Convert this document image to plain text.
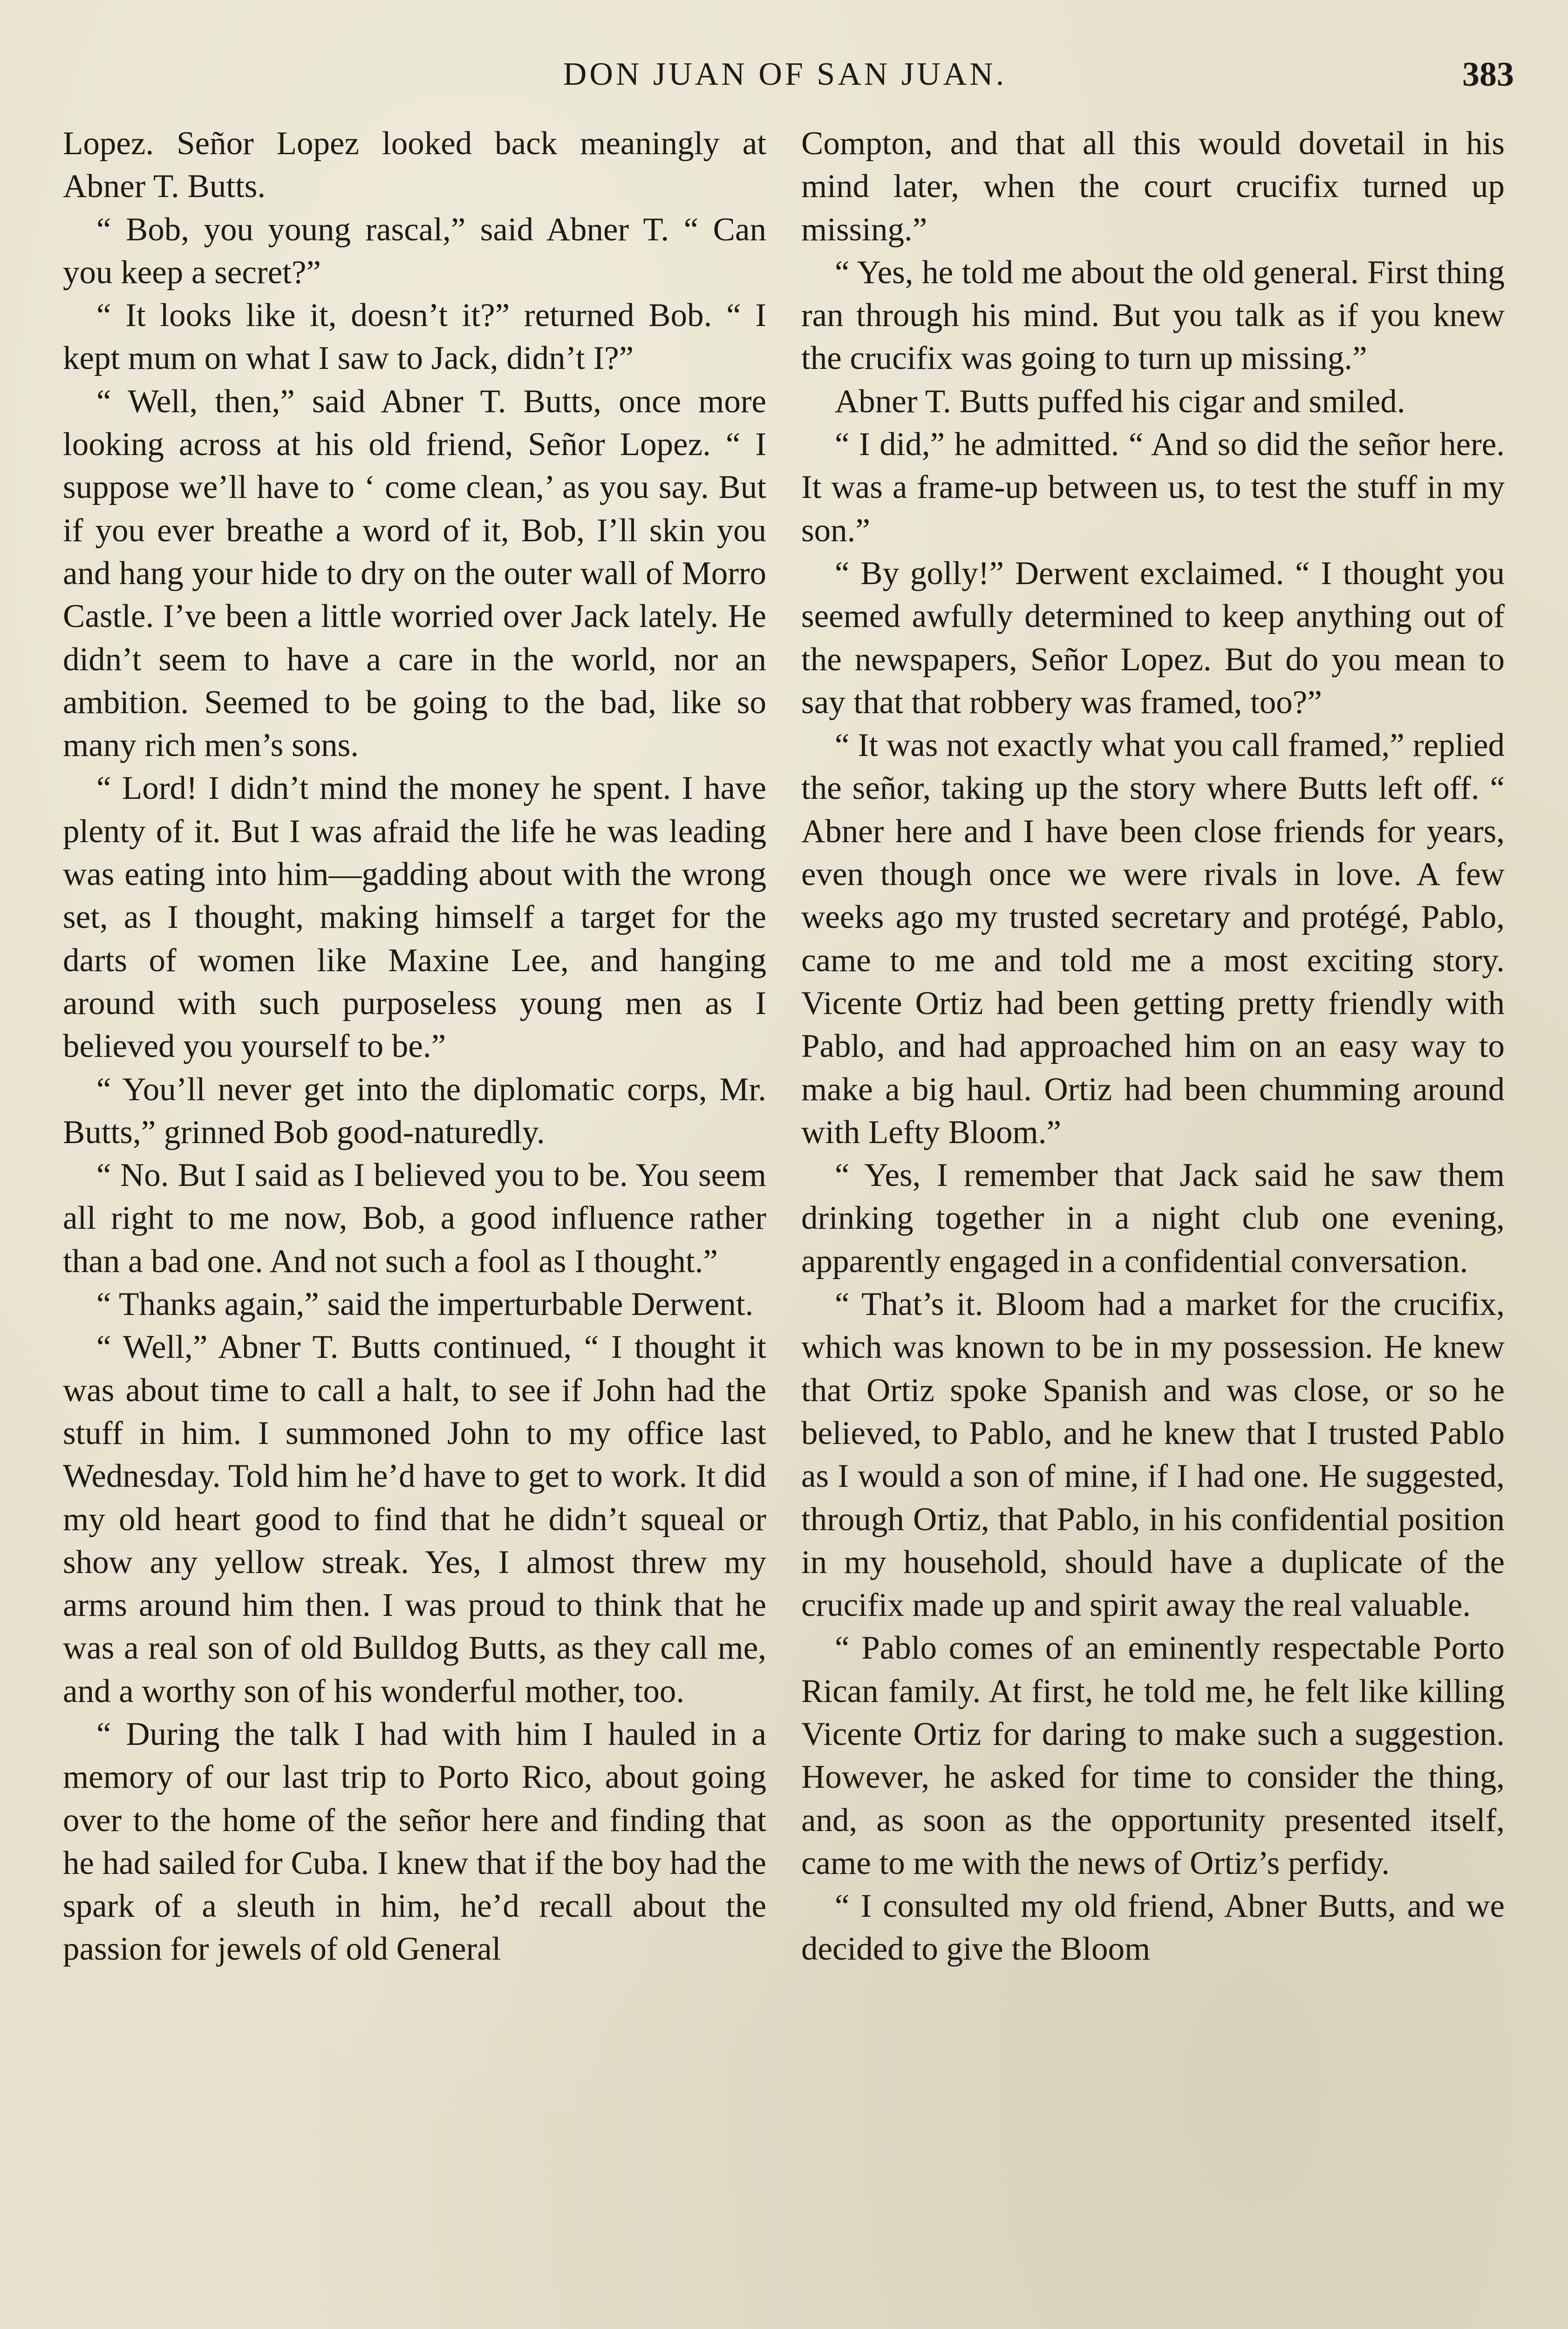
DON JUAN OF SAN JUAN.	383

Lopez. Señor Lopez looked back meaningly at Abner T. Butts.

“ Bob, you young rascal,” said Abner T. “ Can you keep a secret?”

“ It looks like it, doesn’t it?” returned Bob. “ I kept mum on what I saw to Jack, didn’t I?”

“ Well, then,” said Abner T. Butts, once more looking across at his old friend, Señor Lopez. “ I suppose we’ll have to ‘ come clean,’ as you say. But if you ever breathe a word of it, Bob, I’ll skin you and hang your hide to dry on the outer wall of Morro Castle. I’ve been a little worried over Jack lately. He didn’t seem to have a care in the world, nor an ambition. Seemed to be going to the bad, like so many rich men’s sons.

“ Lord! I didn’t mind the money he spent. I have plenty of it. But I was afraid the life he was leading was eating into him—gadding about with the wrong set, as I thought, making himself a target for the darts of women like Maxine Lee, and hanging around with such purposeless young men as I believed you yourself to be.”

“ You’ll never get into the diplomatic corps, Mr. Butts,” grinned Bob good-naturedly.

“ No. But I said as I believed you to be. You seem all right to me now, Bob, a good influence rather than a bad one. And not such a fool as I thought.”

“ Thanks again,” said the imperturbable Derwent.

“ Well,” Abner T. Butts continued, “ I thought it was about time to call a halt, to see if John had the stuff in him. I summoned John to my office last Wednesday. Told him he’d have to get to work. It did my old heart good to find that he didn’t squeal or show any yellow streak. Yes, I almost threw my arms around him then. I was proud to think that he was a real son of old Bulldog Butts, as they call me, and a worthy son of his wonderful mother, too.

“ During the talk I had with him I hauled in a memory of our last trip to Porto Rico, about going over to the home of the señor here and finding that he had sailed for Cuba. I knew that if the boy had the spark of a sleuth in him, he’d recall about the passion for jewels of old General

Compton, and that all this would dovetail in his mind later, when the court crucifix turned up missing.”

“ Yes, he told me about the old general. First thing ran through his mind. But you talk as if you knew the crucifix was going to turn up missing.”

Abner T. Butts puffed his cigar and smiled.

“ I did,” he admitted. “ And so did the señor here. It was a frame-up between us, to test the stuff in my son.”

“ By golly!” Derwent exclaimed. “ I thought you seemed awfully determined to keep anything out of the newspapers, Señor Lopez. But do you mean to say that that robbery was framed, too?”

“ It was not exactly what you call framed,” replied the señor, taking up the story where Butts left off. “ Abner here and I have been close friends for years, even though once we were rivals in love. A few weeks ago my trusted secretary and protégé, Pablo, came to me and told me a most exciting story. Vicente Ortiz had been getting pretty friendly with Pablo, and had approached him on an easy way to make a big haul. Ortiz had been chumming around with Lefty Bloom.”

“ Yes, I remember that Jack said he saw them drinking together in a night club one evening, apparently engaged in a confidential conversation.

“ That’s it. Bloom had a market for the crucifix, which was known to be in my possession. He knew that Ortiz spoke Spanish and was close, or so he believed, to Pablo, and he knew that I trusted Pablo as I would a son of mine, if I had one. He suggested, through Ortiz, that Pablo, in his confidential position in my household, should have a duplicate of the crucifix made up and spirit away the real valuable.

“ Pablo comes of an eminently respectable Porto Rican family. At first, he told me, he felt like killing Vicente Ortiz for daring to make such a suggestion. However, he asked for time to consider the thing, and, as soon as the opportunity presented itself, came to me with the news of Ortiz’s perfidy.

“ I consulted my old friend, Abner Butts, and we decided to give the Bloom
